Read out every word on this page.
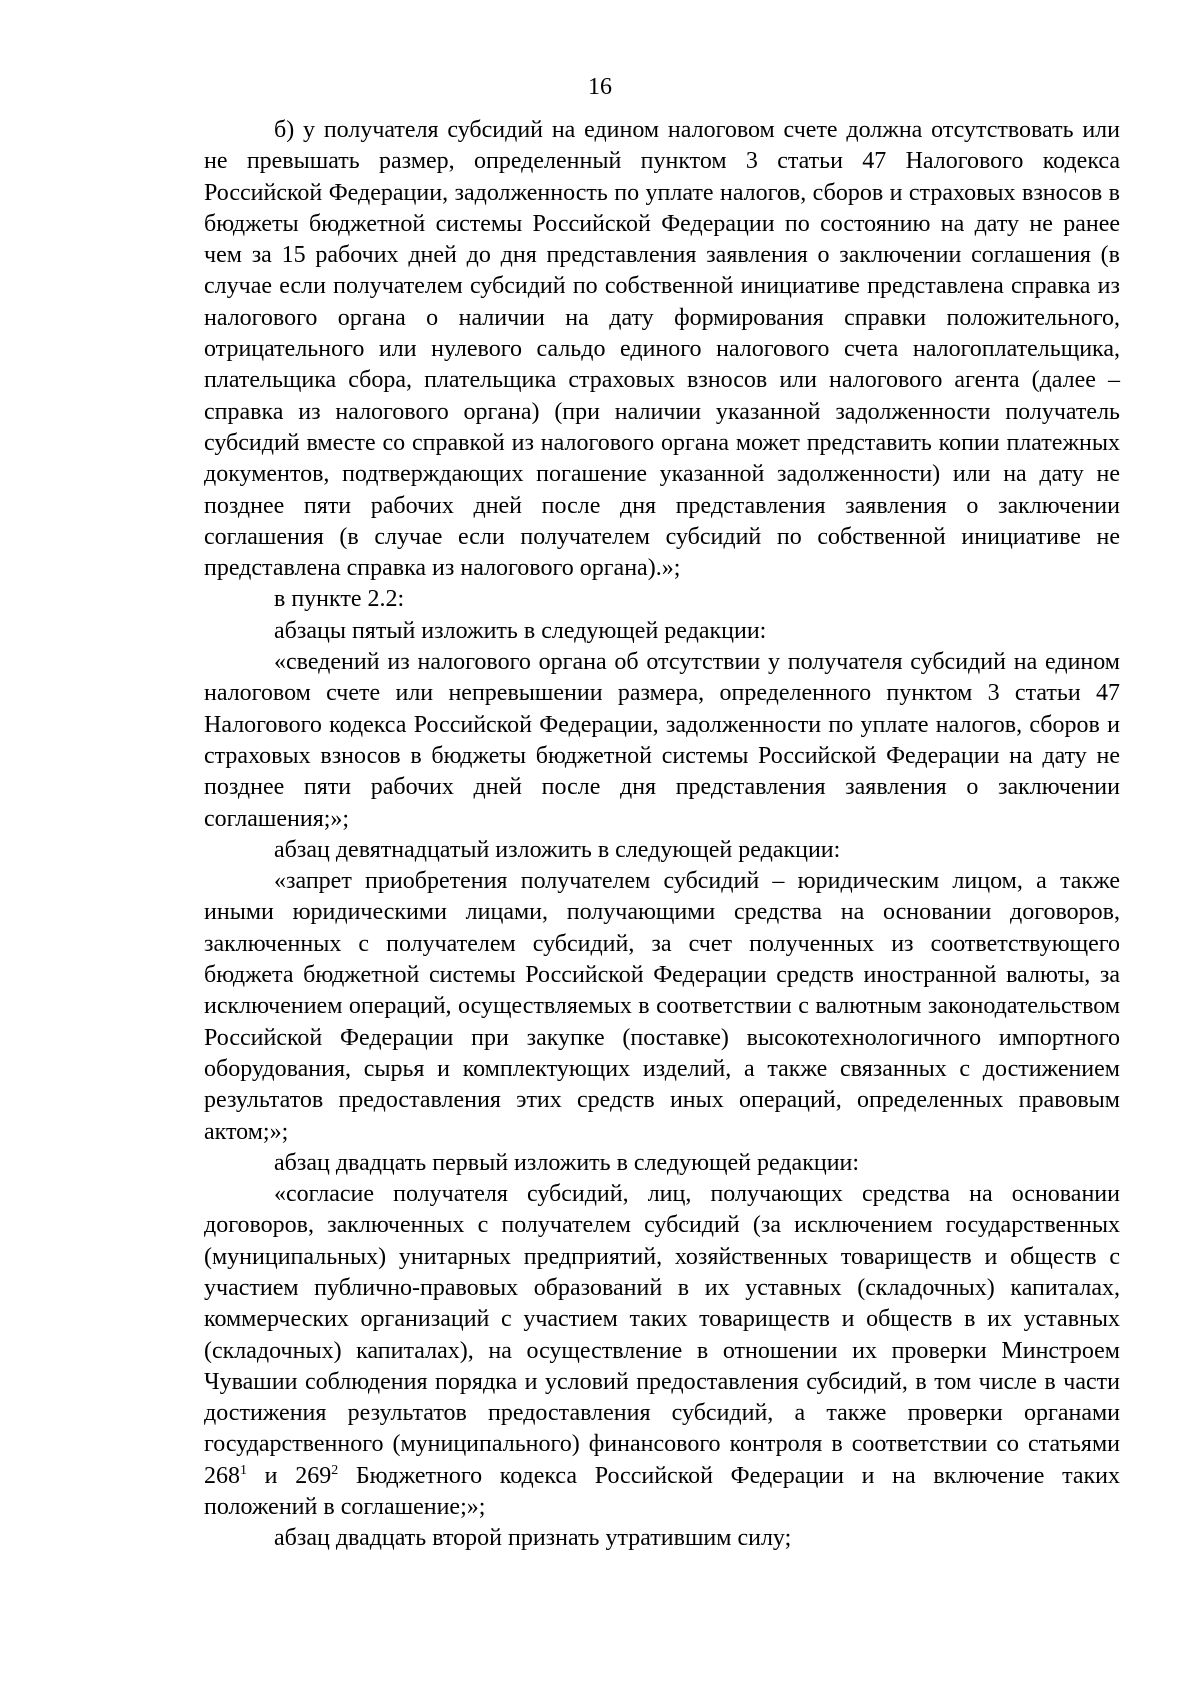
16

б) у получателя субсидий на едином налоговом счете должна отсутствовать или не превышать размер, определенный пунктом 3 статьи 47 Налогового кодекса Российской Федерации, задолженность по уплате налогов, сборов и страховых взносов в бюджеты бюджетной системы Российской Федерации по состоянию на дату не ранее чем за 15 рабочих дней до дня представления заявления о заключении соглашения (в случае если получателем субсидий по собственной инициативе представлена справка из налогового органа о наличии на дату формирования справки положительного, отрицательного или нулевого сальдо единого налогового счета налогоплательщика, плательщика сбора, плательщика страховых взносов или налогового агента (далее – справка из налогового органа) (при наличии указанной задолженности получатель субсидий вместе со справкой из налогового органа может представить копии платежных документов, подтверждающих погашение указанной задолженности) или на дату не позднее пяти рабочих дней после дня представления заявления о заключении соглашения (в случае если получателем субсидий по собственной инициативе не представлена справка из налогового органа).»;

в пункте 2.2:

абзацы пятый изложить в следующей редакции:

«сведений из налогового органа об отсутствии у получателя субсидий на едином налоговом счете или непревышении размера, определенного пунктом 3 статьи 47 Налогового кодекса Российской Федерации, задолженности по уплате налогов, сборов и страховых взносов в бюджеты бюджетной системы Российской Федерации на дату не позднее пяти рабочих дней после дня представления заявления о заключении соглашения;»;

абзац девятнадцатый изложить в следующей редакции:

«запрет приобретения получателем субсидий – юридическим лицом, а также иными юридическими лицами, получающими средства на основании договоров, заключенных с получателем субсидий, за счет полученных из соответствующего бюджета бюджетной системы Российской Федерации средств иностранной валюты, за исключением операций, осуществляемых в соответствии с валютным законодательством Российской Федерации при закупке (поставке) высокотехнологичного импортного оборудования, сырья и комплектующих изделий, а также связанных с достижением результатов предоставления этих средств иных операций, определенных правовым актом;»;

абзац двадцать первый изложить в следующей редакции:

«согласие получателя субсидий, лиц, получающих средства на основании договоров, заключенных с получателем субсидий (за исключением государственных (муниципальных) унитарных предприятий, хозяйственных товариществ и обществ с участием публично-правовых образований в их уставных (складочных) капиталах, коммерческих организаций с участием таких товариществ и обществ в их уставных (складочных) капиталах), на осуществление в отношении их проверки Минстроем Чувашии соблюдения порядка и условий предоставления субсидий, в том числе в части достижения результатов предоставления субсидий, а также проверки органами государственного (муниципального) финансового контроля в соответствии со статьями $268^1$ и $269^2$ Бюджетного кодекса Российской Федерации и на включение таких положений в соглашение;»;

абзац двадцать второй признать утратившим силу;
